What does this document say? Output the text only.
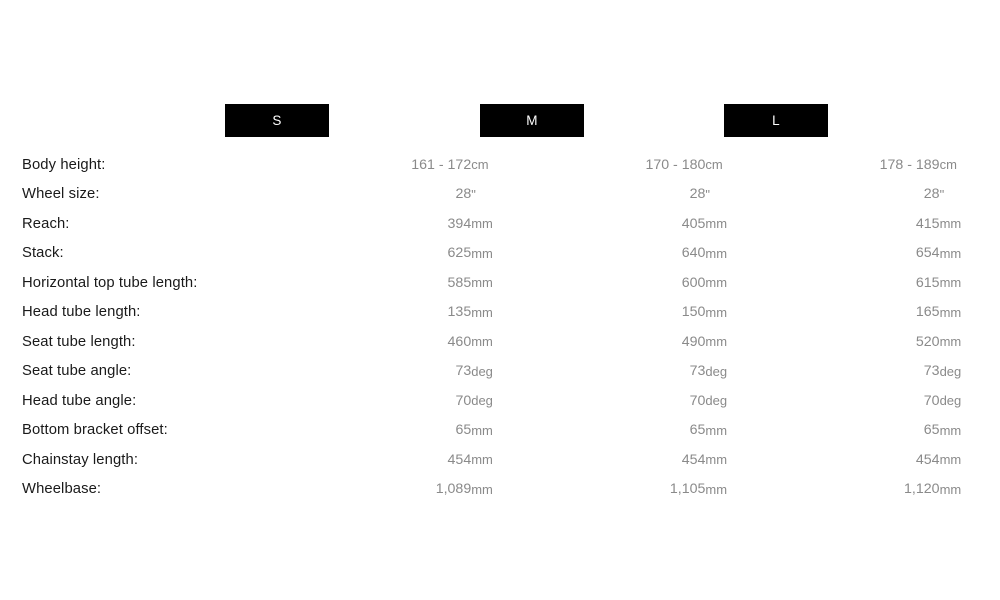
S	M	L
Body height:	161 - 172	cm		170 - 180	cm		178 - 189	cm
Wheel size:	28	"		28	"		28	"
Reach:	394	mm		405	mm		415	mm
Stack:	625	mm		640	mm		654	mm
Horizontal top tube length:	585	mm		600	mm		615	mm
Head tube length:	135	mm		150	mm		165	mm
Seat tube length:	460	mm		490	mm		520	mm
Seat tube angle:	73	deg		73	deg		73	deg
Head tube angle:	70	deg		70	deg		70	deg
Bottom bracket offset:	65	mm		65	mm		65	mm
Chainstay length:	454	mm		454	mm		454	mm
Wheelbase:	1,089	mm		1,105	mm		1,120	mm
